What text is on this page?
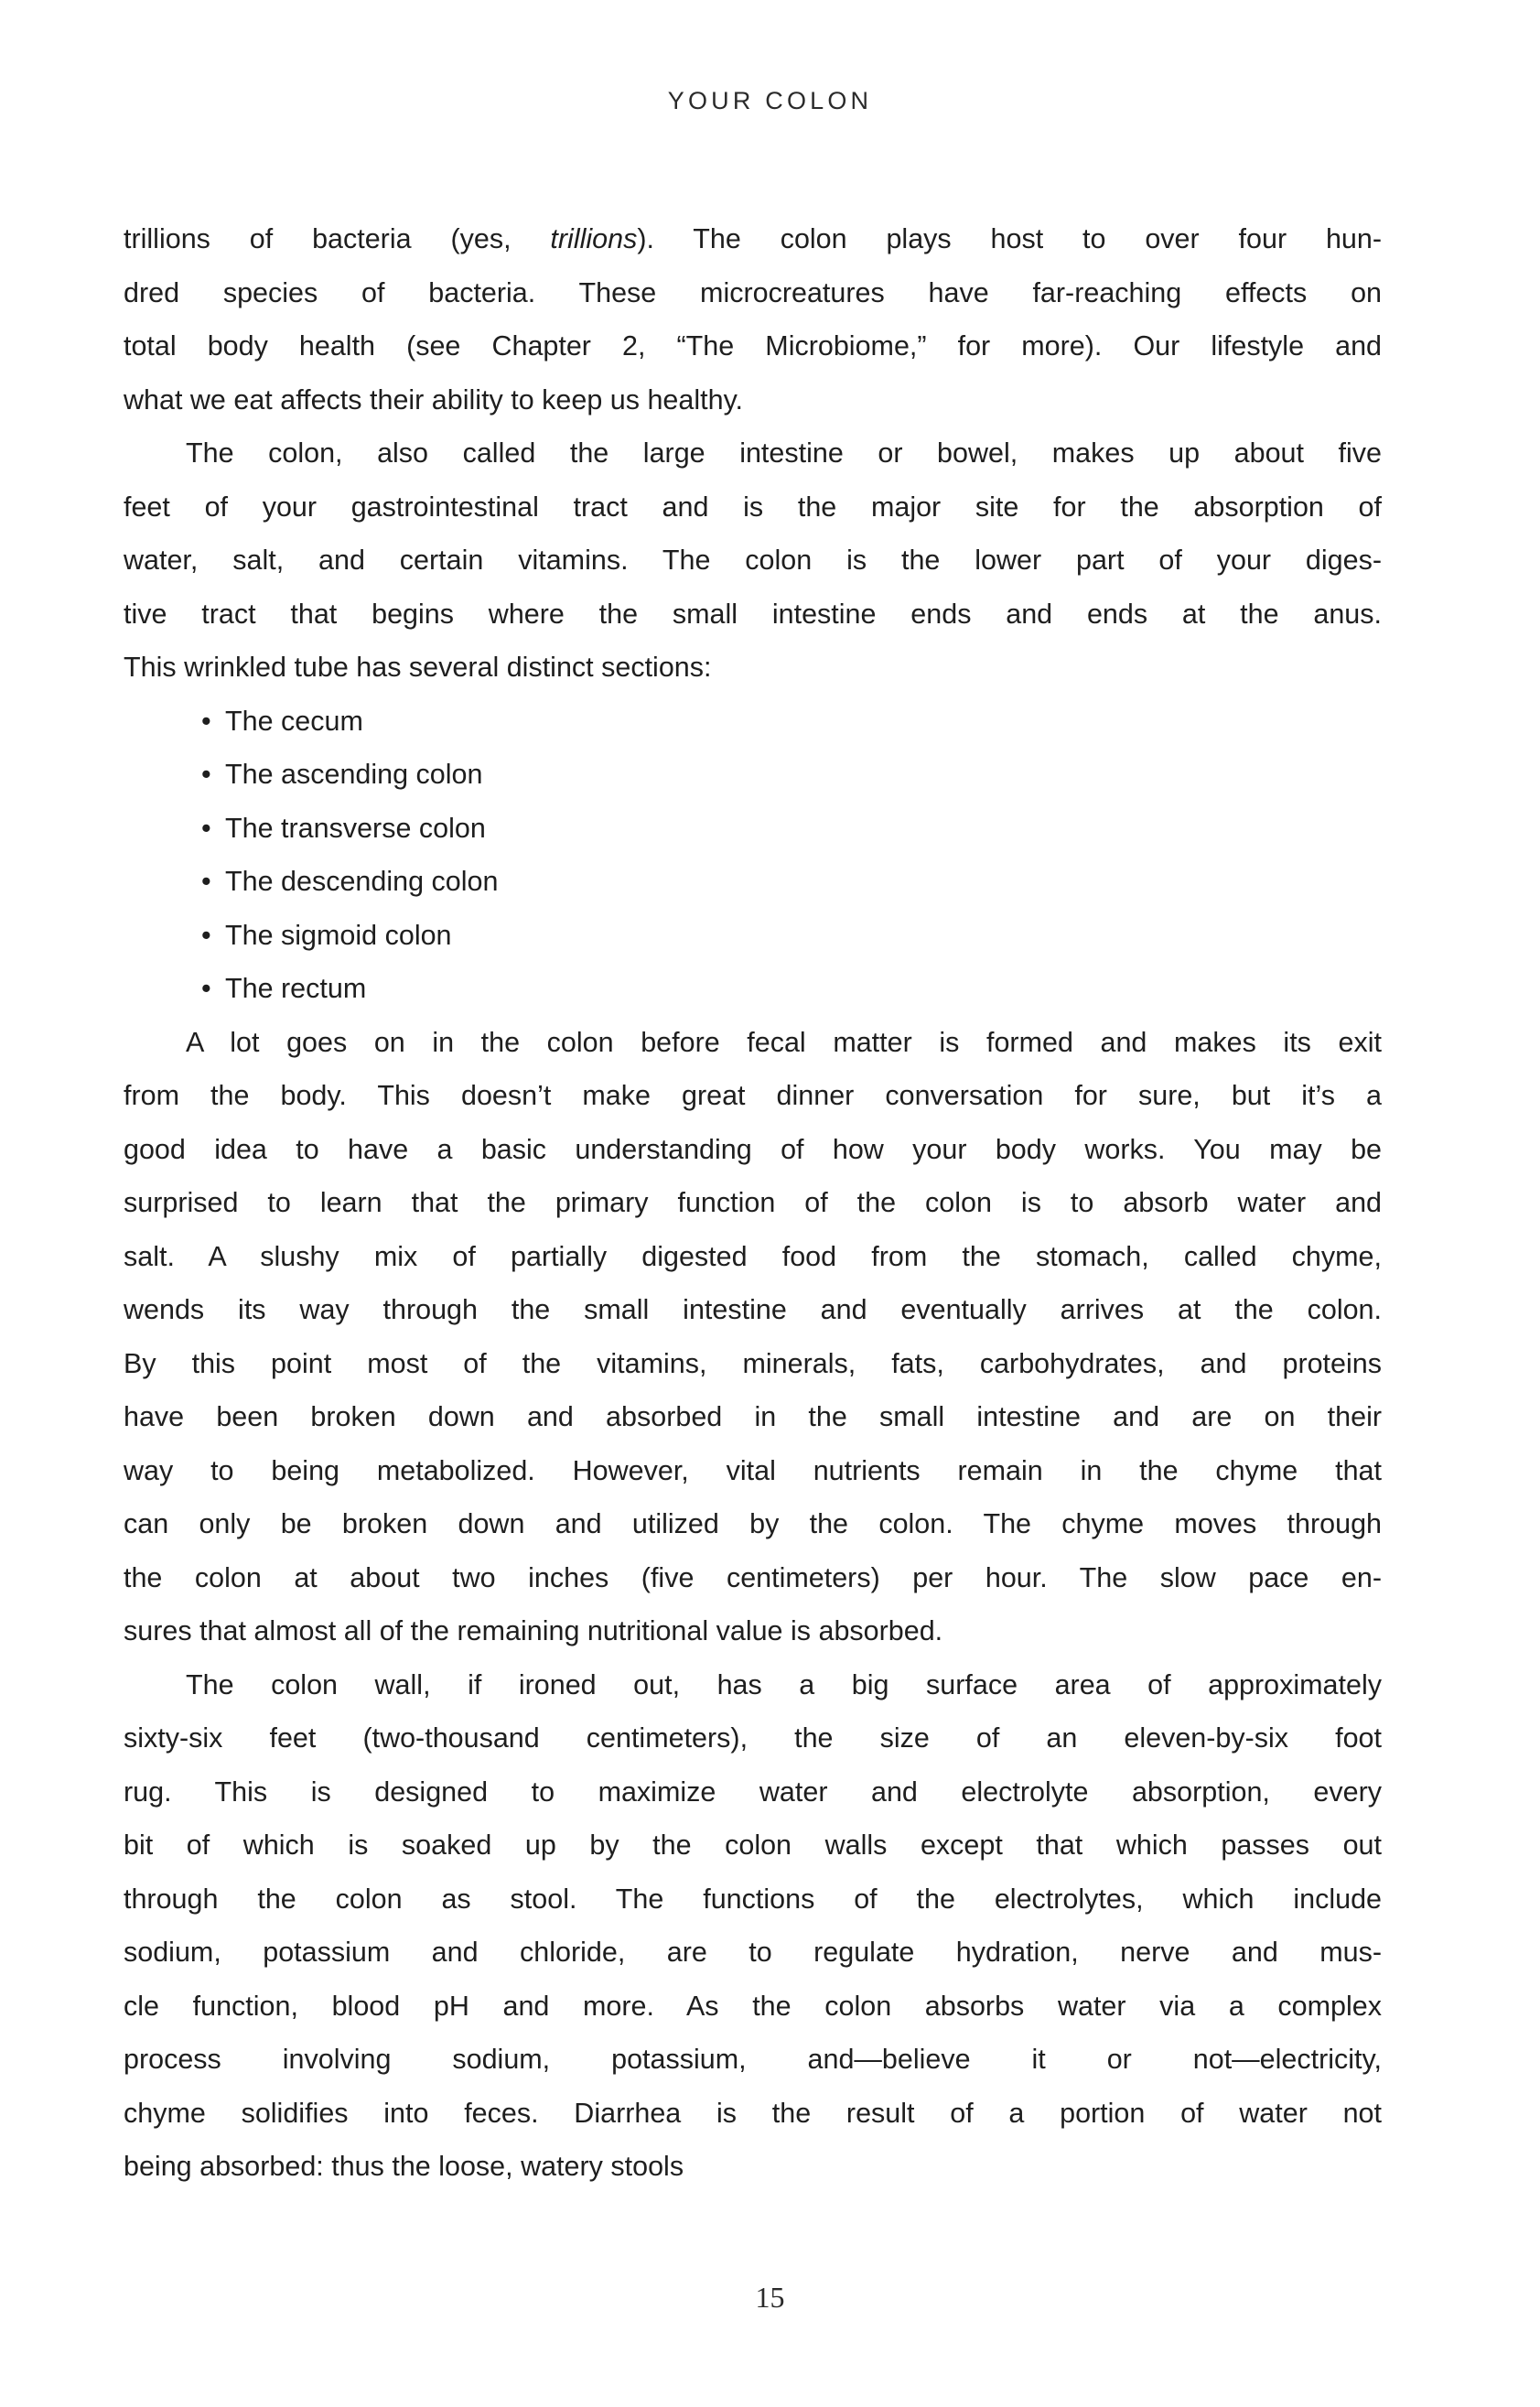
YOUR COLON

trillions of bacteria (yes, trillions). The colon plays host to over four hun-
dred species of bacteria. These microcreatures have far-reaching effects on
total body health (see Chapter 2, “The Microbiome,” for more). Our lifestyle and
what we eat affects their ability to keep us healthy.

The colon, also called the large intestine or bowel, makes up about five
feet of your gastrointestinal tract and is the major site for the absorption of
water, salt, and certain vitamins. The colon is the lower part of your diges-
tive tract that begins where the small intestine ends and ends at the anus.
This wrinkled tube has several distinct sections:

• The cecum
• The ascending colon
• The transverse colon
• The descending colon
• The sigmoid colon
• The rectum

A lot goes on in the colon before fecal matter is formed and makes its exit
from the body. This doesn’t make great dinner conversation for sure, but it’s a
good idea to have a basic understanding of how your body works. You may be
surprised to learn that the primary function of the colon is to absorb water and
salt. A slushy mix of partially digested food from the stomach, called chyme,
wends its way through the small intestine and eventually arrives at the colon.
By this point most of the vitamins, minerals, fats, carbohydrates, and proteins
have been broken down and absorbed in the small intestine and are on their
way to being metabolized. However, vital nutrients remain in the chyme that
can only be broken down and utilized by the colon. The chyme moves through
the colon at about two inches (five centimeters) per hour. The slow pace en-
sures that almost all of the remaining nutritional value is absorbed.

The colon wall, if ironed out, has a big surface area of approximately
sixty-six feet (two-thousand centimeters), the size of an eleven-by-six foot
rug. This is designed to maximize water and electrolyte absorption, every
bit of which is soaked up by the colon walls except that which passes out
through the colon as stool. The functions of the electrolytes, which include
sodium, potassium and chloride, are to regulate hydration, nerve and mus-
cle function, blood pH and more. As the colon absorbs water via a complex
process involving sodium, potassium, and—believe it or not—electricity,
chyme solidifies into feces. Diarrhea is the result of a portion of water not
being absorbed: thus the loose, watery stools

15
